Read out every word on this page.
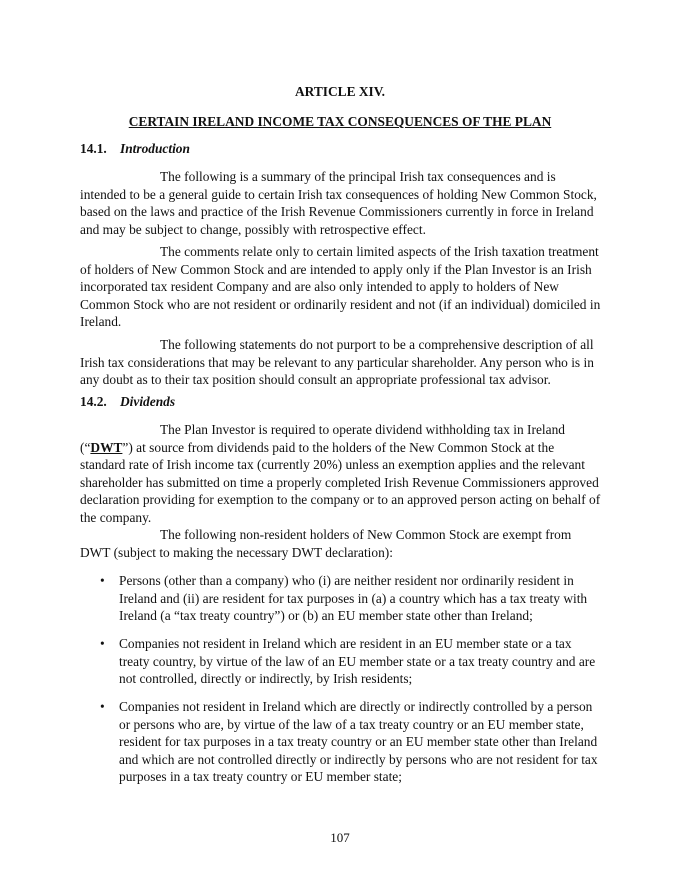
ARTICLE XIV.
CERTAIN IRELAND INCOME TAX CONSEQUENCES OF THE PLAN
14.1. Introduction

The following is a summary of the principal Irish tax consequences and is intended to be a general guide to certain Irish tax consequences of holding New Common Stock, based on the laws and practice of the Irish Revenue Commissioners currently in force in Ireland and may be subject to change, possibly with retrospective effect.

The comments relate only to certain limited aspects of the Irish taxation treatment of holders of New Common Stock and are intended to apply only if the Plan Investor is an Irish incorporated tax resident Company and are also only intended to apply to holders of New Common Stock who are not resident or ordinarily resident and not (if an individual) domiciled in Ireland.

The following statements do not purport to be a comprehensive description of all Irish tax considerations that may be relevant to any particular shareholder. Any person who is in any doubt as to their tax position should consult an appropriate professional tax advisor.

14.2. Dividends

The Plan Investor is required to operate dividend withholding tax in Ireland (“DWT”) at source from dividends paid to the holders of the New Common Stock at the standard rate of Irish income tax (currently 20%) unless an exemption applies and the relevant shareholder has submitted on time a properly completed Irish Revenue Commissioners approved declaration providing for exemption to the company or to an approved person acting on behalf of the company.

The following non-resident holders of New Common Stock are exempt from DWT (subject to making the necessary DWT declaration):

• Persons (other than a company) who (i) are neither resident nor ordinarily resident in Ireland and (ii) are resident for tax purposes in (a) a country which has a tax treaty with Ireland (a “tax treaty country”) or (b) an EU member state other than Ireland;
• Companies not resident in Ireland which are resident in an EU member state or a tax treaty country, by virtue of the law of an EU member state or a tax treaty country and are not controlled, directly or indirectly, by Irish residents;
• Companies not resident in Ireland which are directly or indirectly controlled by a person or persons who are, by virtue of the law of a tax treaty country or an EU member state, resident for tax purposes in a tax treaty country or an EU member state other than Ireland and which are not controlled directly or indirectly by persons who are not resident for tax purposes in a tax treaty country or EU member state;
107
